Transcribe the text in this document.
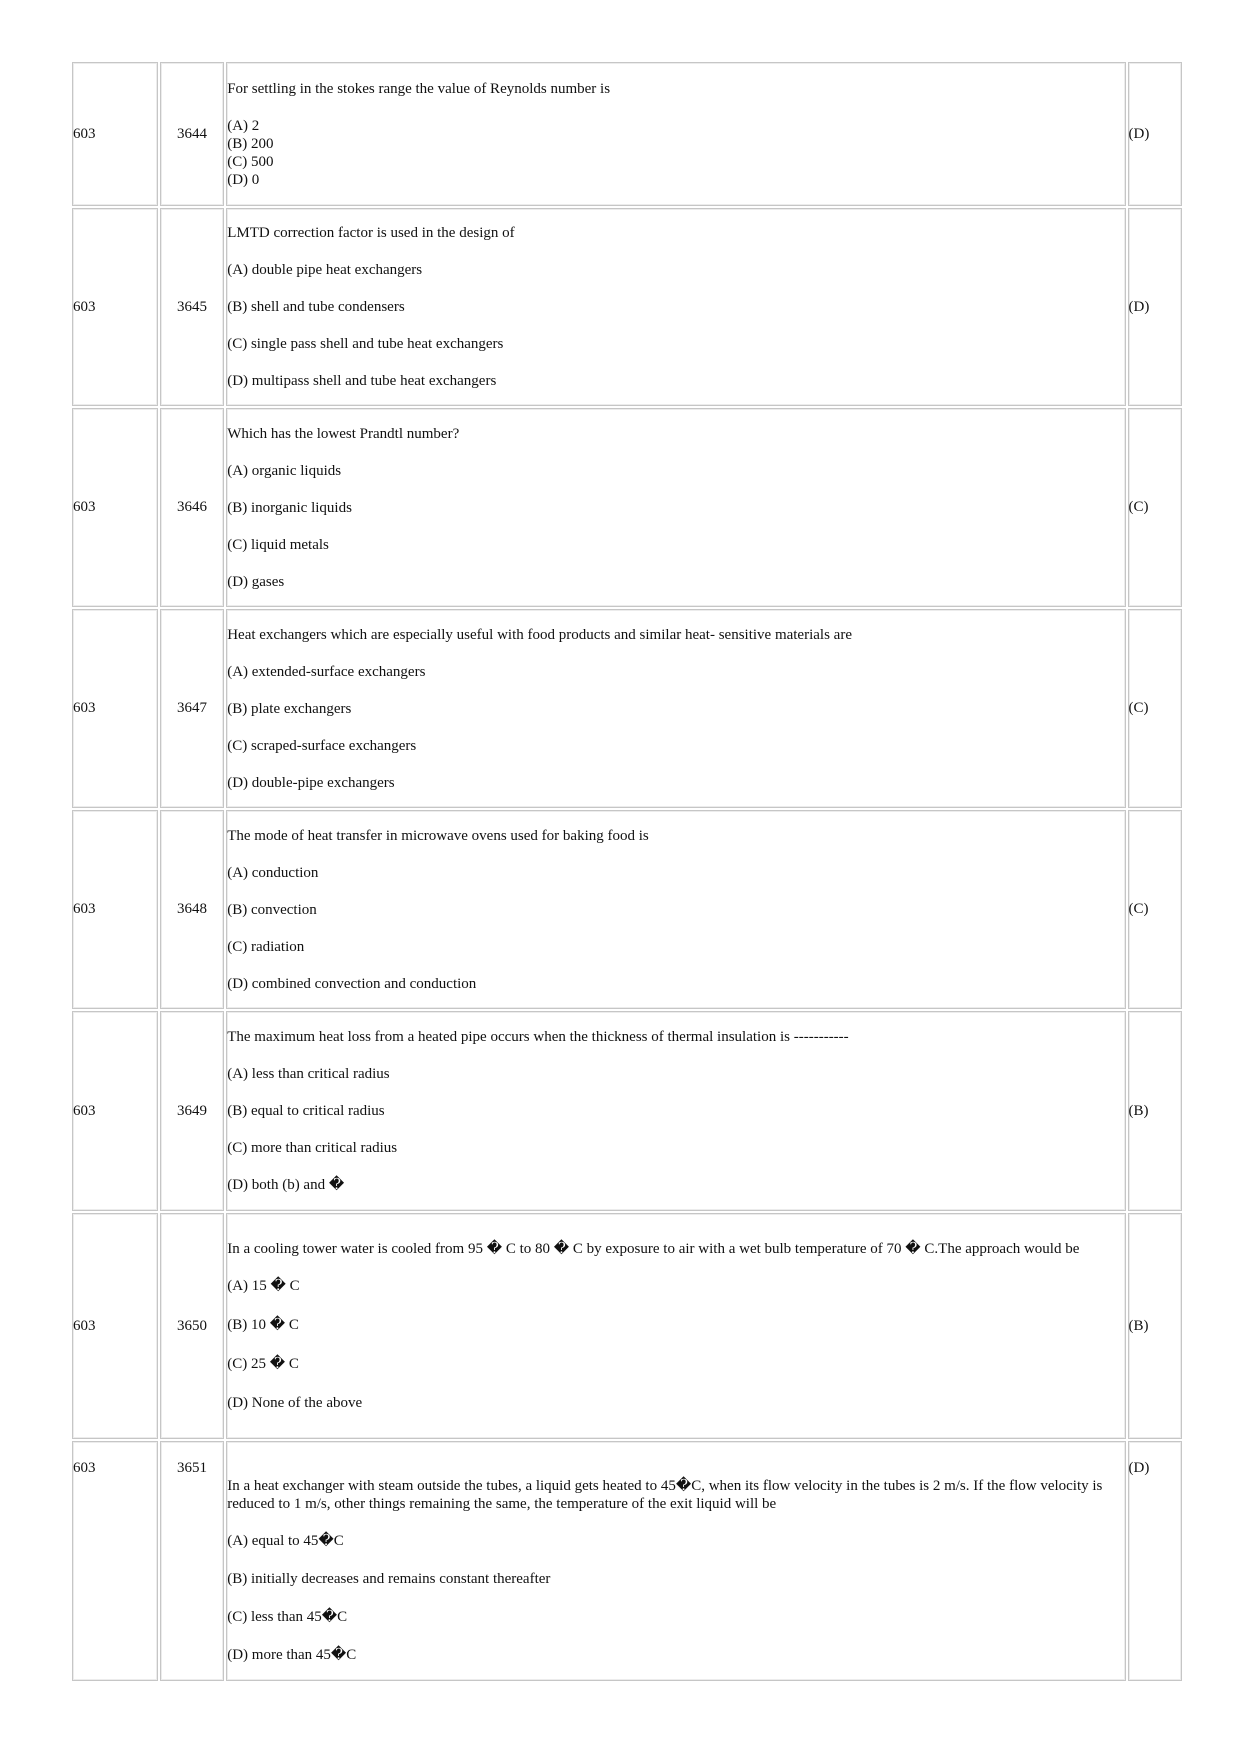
603	3644	For settling in the stokes range the value of Reynolds number is
(A) 2
(B) 200
(C) 500
(D) 0	(D)
603	3645	LMTD correction factor is used in the design of
(A) double pipe heat exchangers
(B) shell and tube condensers
(C) single pass shell and tube heat exchangers
(D) multipass shell and tube heat exchangers	(D)
603	3646	Which has the lowest Prandtl number?
(A) organic liquids
(B) inorganic liquids
(C) liquid metals
(D) gases	(C)
603	3647	Heat exchangers which are especially useful with food products and similar heat- sensitive materials are
(A) extended-surface exchangers
(B) plate exchangers
(C) scraped-surface exchangers
(D) double-pipe exchangers	(C)
603	3648	The mode of heat transfer in microwave ovens used for baking food is
(A) conduction
(B) convection
(C) radiation
(D) combined convection and conduction	(C)
603	3649	The maximum heat loss from a heated pipe occurs when the thickness of thermal insulation is -----------
(A) less than critical radius
(B) equal to critical radius
(C) more than critical radius
(D) both (b) and �	(B)
603	3650	In a cooling tower water is cooled from 95 � C to 80 � C by exposure to air with a wet bulb temperature of 70 � C.The approach would be
(A) 15 � C
(B) 10 � C
(C) 25 � C
(D) None of the above	(B)
603	3651	In a heat exchanger with steam outside the tubes, a liquid gets heated to 45�C, when its flow velocity in the tubes is 2 m/s. If the flow velocity is reduced to 1 m/s, other things remaining the same, the temperature of the exit liquid will be
(A) equal to 45�C
(B) initially decreases and remains constant thereafter
(C) less than 45�C
(D) more than 45�C	(D)
